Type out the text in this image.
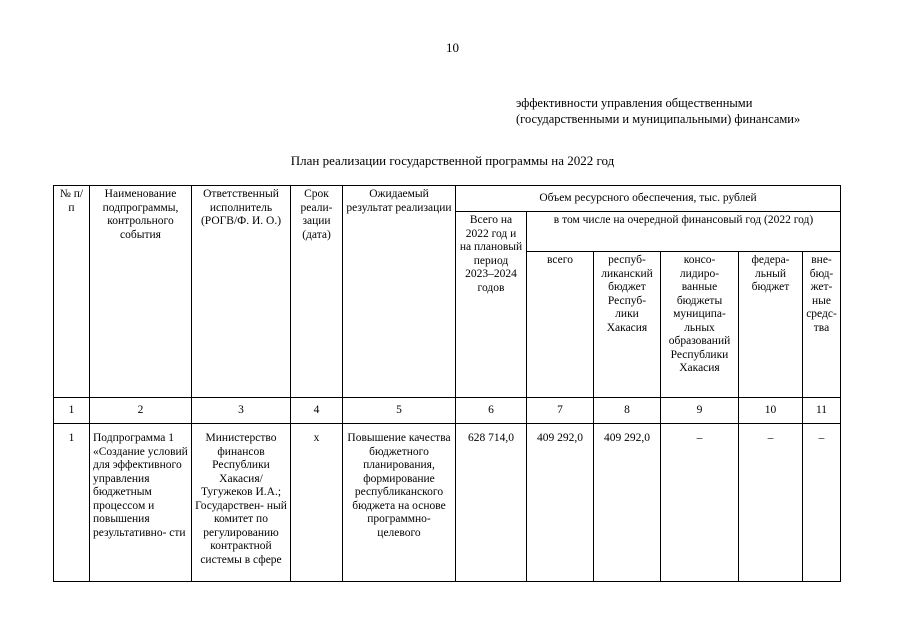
10
эффективности управления общественными
(государственными и муниципальными) финансами»
План реализации государственной программы на 2022 год
№ п/п	Наименование подпрограммы, контрольного события	Ответственный исполнитель (РОГВ/Ф. И. О.)	Срок реали- зации (дата)	Ожидаемый результат реализации	Объем ресурсного обеспечения, тыс. рублей					
					Всего на 2022 год и на плановый период 2023–2024 годов	в том числе на очередной финансовый год (2022 год)				
						всего	респуб- ликанский бюджет Респуб- лики Хакасия	консо- лидиро- ванные бюджеты муниципа- льных образований Республики Хакасия	федера- льный бюджет	вне- бюд- жет- ные средс- тва
1	2	3	4	5	6	7	8	9	10	11
1	Подпрограмма 1 «Создание условий для эффективного управления бюджетным процессом и повышения результативно- сти	Министерство финансов Республики Хакасия/ Тугужеков И.А.; Государствен- ный комитет по регулированию контрактной системы в сфере	х	Повышение качества бюджетного планирования, формирование республиканского бюджета на основе программно- целевого	628 714,0	409 292,0	409 292,0	–	–	–
